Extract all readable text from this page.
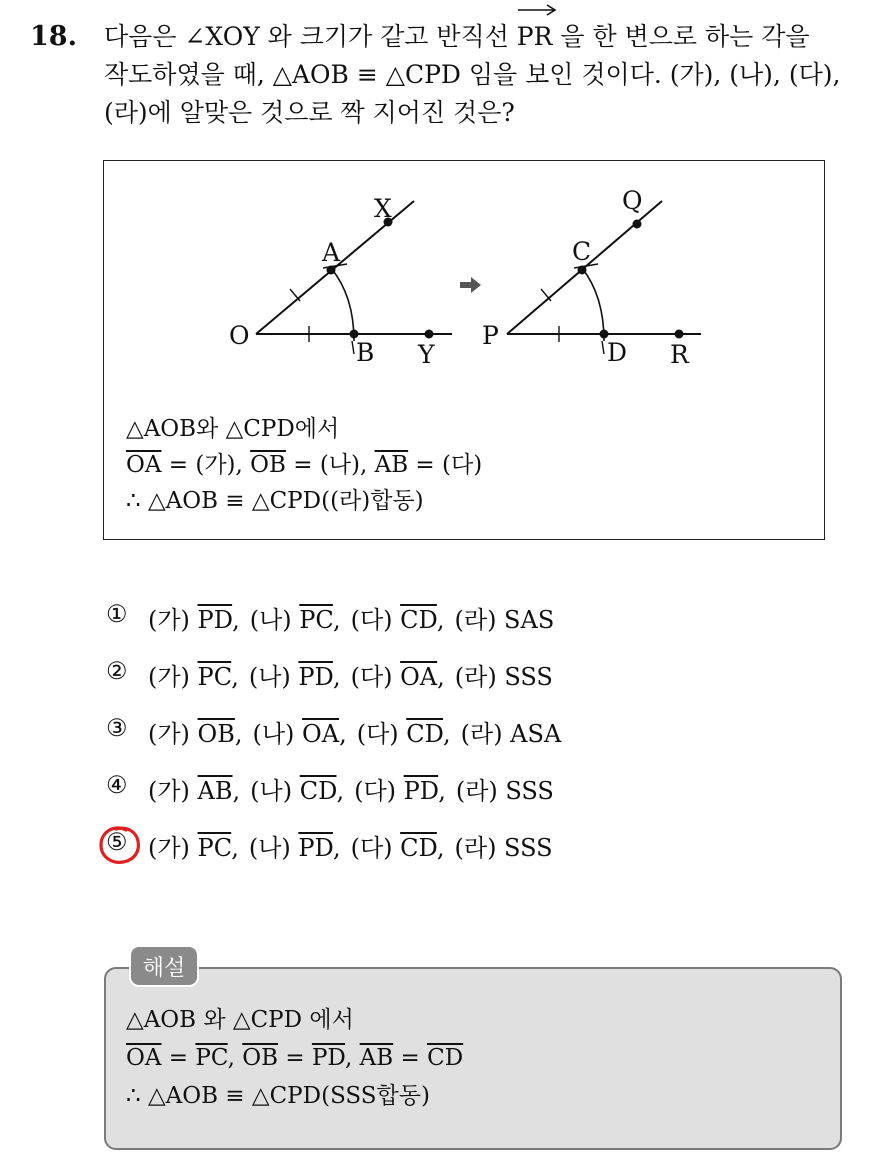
18. 다음은 ∠XOY 와 크기가 같고 반직선 PR 을 한 변으로 하는 각을
작도하였을 때, △AOB ≡ △CPD 임을 보인 것이다. (가), (나), (다),
(라)에 알맞은 것으로 짝 지어진 것은?
O
A
X
B Y
P
C
Q
D R
△AOB와 △CPD에서
$\overline{OA}$ = (가), $\overline{OB}$ = (나), $\overline{AB}$ = (다)
∴ △AOB ≡ △CPD((라)합동)
① (가) $\overline{PD}$, (나) $\overline{PC}$, (다) $\overline{CD}$, (라) SAS
② (가) $\overline{PC}$, (나) $\overline{PD}$, (다) $\overline{OA}$, (라) SSS
③ (가) $\overline{OB}$, (나) $\overline{OA}$, (다) $\overline{CD}$, (라) ASA
④ (가) $\overline{AB}$, (나) $\overline{CD}$, (다) $\overline{PD}$, (라) SSS
⑤ (가) $\overline{PC}$, (나) $\overline{PD}$, (다) $\overline{CD}$, (라) SSS
해설
△AOB 와 △CPD 에서
$\overline{OA} = \overline{PC}$, $\overline{OB} = \overline{PD}$, $\overline{AB} = \overline{CD}$
∴ △AOB ≡ △CPD(SSS합동)
